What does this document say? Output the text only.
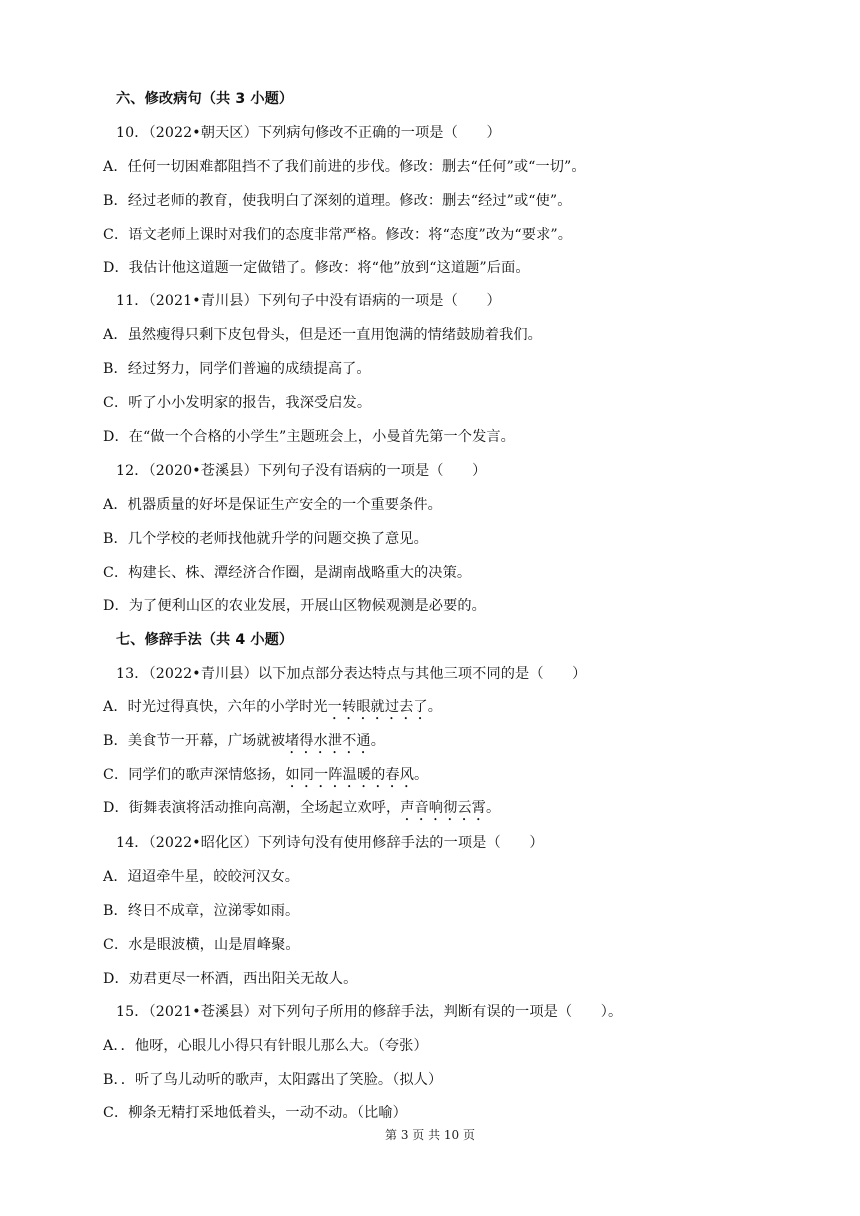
六、修改病句（共 3 小题）
10．（2022•朝天区）下列病句修改不正确的一项是（　　）
A．任何一切困难都阻挡不了我们前进的步伐。修改：删去“任何”或“一切”。
B．经过老师的教育，使我明白了深刻的道理。修改：删去“经过”或“使”。
C．语文老师上课时对我们的态度非常严格。修改：将“态度”改为“要求”。
D．我估计他这道题一定做错了。修改：将“他”放到“这道题”后面。
11．（2021•青川县）下列句子中没有语病的一项是（　　）
A．虽然瘦得只剩下皮包骨头，但是还一直用饱满的情绪鼓励着我们。
B．经过努力，同学们普遍的成绩提高了。
C．听了小小发明家的报告，我深受启发。
D．在“做一个合格的小学生”主题班会上，小曼首先第一个发言。
12．（2020•苍溪县）下列句子没有语病的一项是（　　）
A．机器质量的好坏是保证生产安全的一个重要条件。
B．几个学校的老师找他就升学的问题交换了意见。
C．构建长、株、潭经济合作圈，是湖南战略重大的决策。
D．为了便利山区的农业发展，开展山区物候观测是必要的。
七、修辞手法（共 4 小题）
13．（2022•青川县）以下加点部分表达特点与其他三项不同的是（　　）
A．时光过得真快，六年的小学时光一转眼就过去了。
B．美食节一开幕，广场就被堵得水泄不通。
C．同学们的歌声深情悠扬，如同一阵温暖的春风。
D．街舞表演将活动推向高潮，全场起立欢呼，声音响彻云霄。
14．（2022•昭化区）下列诗句没有使用修辞手法的一项是（　　）
A．迢迢牵牛星，皎皎河汉女。
B．终日不成章，泣涕零如雨。
C．水是眼波横，山是眉峰聚。
D．劝君更尽一杯酒，西出阳关无故人。
15．（2021•苍溪县）对下列句子所用的修辞手法，判断有误的一项是（　　）。
A．．他呀，心眼儿小得只有针眼儿那么大。（夸张）
B．．听了鸟儿动听的歌声，太阳露出了笑脸。（拟人）
C．柳条无精打采地低着头，一动不动。（比喻）
第 3 页 共 10 页
